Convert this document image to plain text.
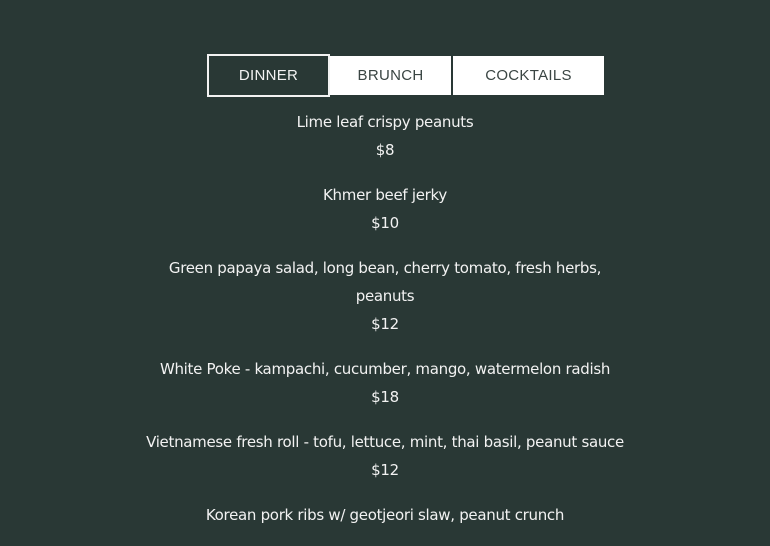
DINNER	BRUNCH	COCKTAILS
Lime leaf crispy peanuts
$8
Khmer beef jerky
$10
Green papaya salad, long bean, cherry tomato, fresh herbs, peanuts
$12
White Poke - kampachi, cucumber, mango, watermelon radish
$18
Vietnamese fresh roll - tofu, lettuce, mint, thai basil, peanut sauce
$12
Korean pork ribs w/ geotjeori slaw, peanut crunch
